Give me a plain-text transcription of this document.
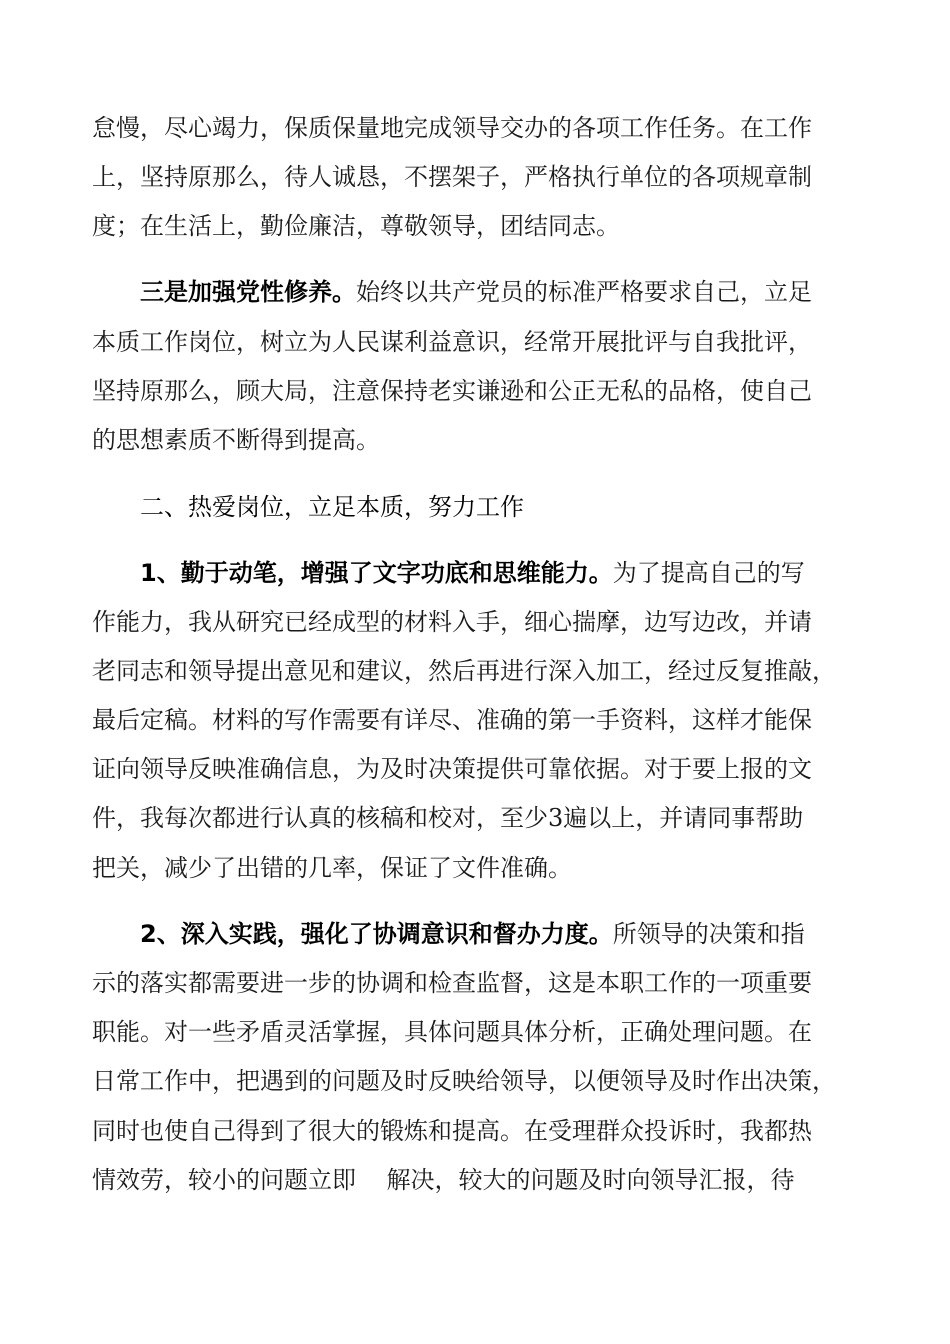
怠慢，尽心竭力，保质保量地完成领导交办的各项工作任务。在工作

上，坚持原那么，待人诚恳，不摆架子，严格执行单位的各项规章制

度；在生活上，勤俭廉洁，尊敬领导，团结同志。

三是加强党性修养。始终以共产党员的标准严格要求自己，立足

本质工作岗位，树立为人民谋利益意识，经常开展批评与自我批评，

坚持原那么，顾大局，注意保持老实谦逊和公正无私的品格，使自己

的思想素质不断得到提高。

二、热爱岗位，立足本质，努力工作

1、勤于动笔，增强了文字功底和思维能力。为了提高自己的写

作能力，我从研究已经成型的材料入手，细心揣摩，边写边改，并请

老同志和领导提出意见和建议，然后再进行深入加工，经过反复推敲，

最后定稿。材料的写作需要有详尽、准确的第一手资料，这样才能保

证向领导反映准确信息，为及时决策提供可靠依据。对于要上报的文

件，我每次都进行认真的核稿和校对，至少3遍以上，并请同事帮助

把关，减少了出错的几率，保证了文件准确。

2、深入实践，强化了协调意识和督办力度。所领导的决策和指

示的落实都需要进一步的协调和检查监督，这是本职工作的一项重要

职能。对一些矛盾灵活掌握，具体问题具体分析，正确处理问题。在

日常工作中，把遇到的问题及时反映给领导，以便领导及时作出决策，

同时也使自己得到了很大的锻炼和提高。在受理群众投诉时，我都热

情效劳，较小的问题立即    解决，较大的问题及时向领导汇报，待
